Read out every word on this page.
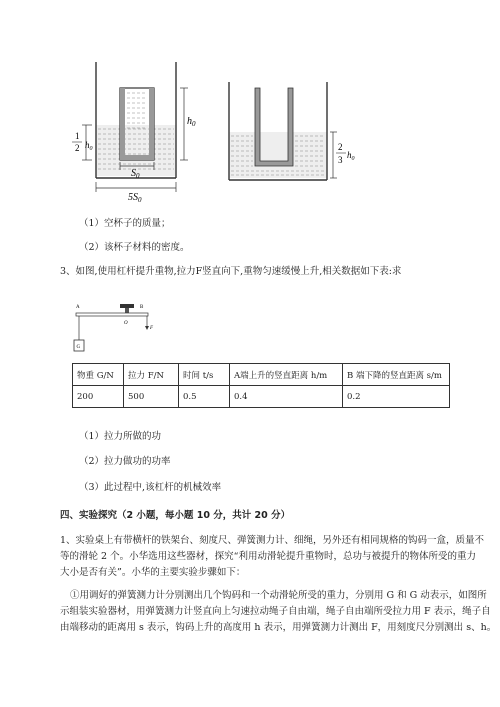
$h_0$
1
2 $h_0$
$S_0$
$5S_0$
2
3 $h_0$
（1）空杯子的质量；
（2）该杯子材料的密度。
3、如图,使用杠杆提升重物,拉力F竖直向下,重物匀速缓慢上升,相关数据如下表:求
A	B
O
G
F
物重 G/N	拉力 F/N	时间 t/s	A端上升的竖直距离 h/m	B 端下降的竖直距离 s/m
200	500	0.5	0.4	0.2
（1）拉力所做的功
（2）拉力做功的功率
（3）此过程中,该杠杆的机械效率
四、实验探究（2 小题，每小题 10 分，共计 20 分）
1、实验桌上有带横杆的铁架台、刻度尺、弹簧测力计、细绳，另外还有相同规格的钩码一盒，质量不
等的滑轮 2 个。小华选用这些器材，探究“利用动滑轮提升重物时，总功与被提升的物体所受的重力
大小是否有关”。小华的主要实验步骤如下：
①用调好的弹簧测力计分别测出几个钩码和一个动滑轮所受的重力，分别用 G 和 G 动表示，如图所
示组装实验器材，用弹簧测力计竖直向上匀速拉动绳子自由端，绳子自由端所受拉力用 F 表示，绳子自
由端移动的距离用 s 表示，钩码上升的高度用 h 表示，用弹簧测力计测出 F，用刻度尺分别测出 s、h。
